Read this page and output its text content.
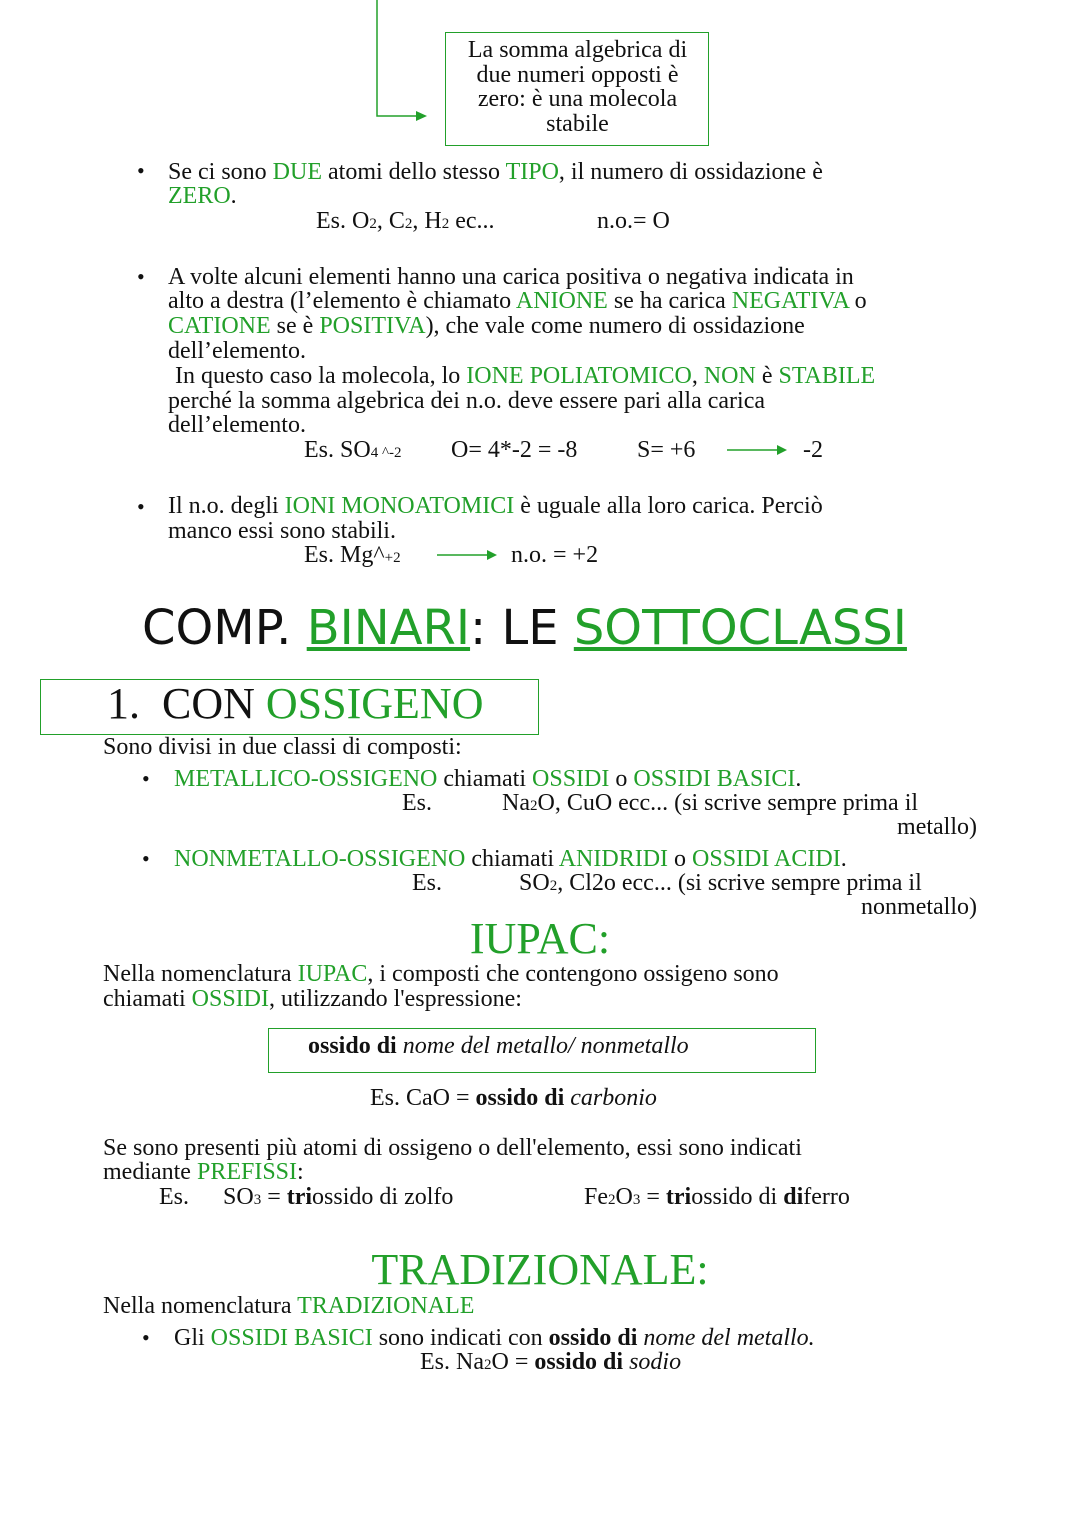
La somma algebrica di due numeri opposti è zero: è una molecola stabile
• Se ci sono DUE atomi dello stesso TIPO, il numero di ossidazione è
ZERO.
Es. O2, C2, H2 ec...	n.o.= O
• A volte alcuni elementi hanno una carica positiva o negativa indicata in
alto a destra (l’elemento è chiamato ANIONE se ha carica NEGATIVA o
CATIONE se è POSITIVA), che vale come numero di ossidazione
dell’elemento.
In questo caso la molecola, lo IONE POLIATOMICO, NON è STABILE
perché la somma algebrica dei n.o. deve essere pari alla carica
dell’elemento.
Es. SO4 ^-2 O= 4*-2 = -8 S= +6	-2
• Il n.o. degli IONI MONOATOMICI è uguale alla loro carica. Perciò
manco essi sono stabili.
Es. Mg^+2	n.o. = +2
COMP. BINARI: LE SOTTOCLASSI
1. CON OSSIGENO
Sono divisi in due classi di composti:
• METALLICO-OSSIGENO chiamati OSSIDI o OSSIDI BASICI.
Es.	Na2O, CuO ecc... (si scrive sempre prima il
metallo)
• NONMETALLO-OSSIGENO chiamati ANIDRIDI o OSSIDI ACIDI.
Es.	SO2, Cl2o ecc... (si scrive sempre prima il
nonmetallo)
IUPAC:
Nella nomenclatura IUPAC, i composti che contengono ossigeno sono
chiamati OSSIDI, utilizzando l'espressione:
ossido di nome del metallo/ nonmetallo
Es. CaO = ossido di carbonio
Se sono presenti più atomi di ossigeno o dell'elemento, essi sono indicati
mediante PREFISSI:
Es. SO3 = triossido di zolfo	Fe2O3 = triossido di diferro
TRADIZIONALE:
Nella nomenclatura TRADIZIONALE
• Gli OSSIDI BASICI sono indicati con ossido di nome del metallo.
Es. Na2O = ossido di sodio
